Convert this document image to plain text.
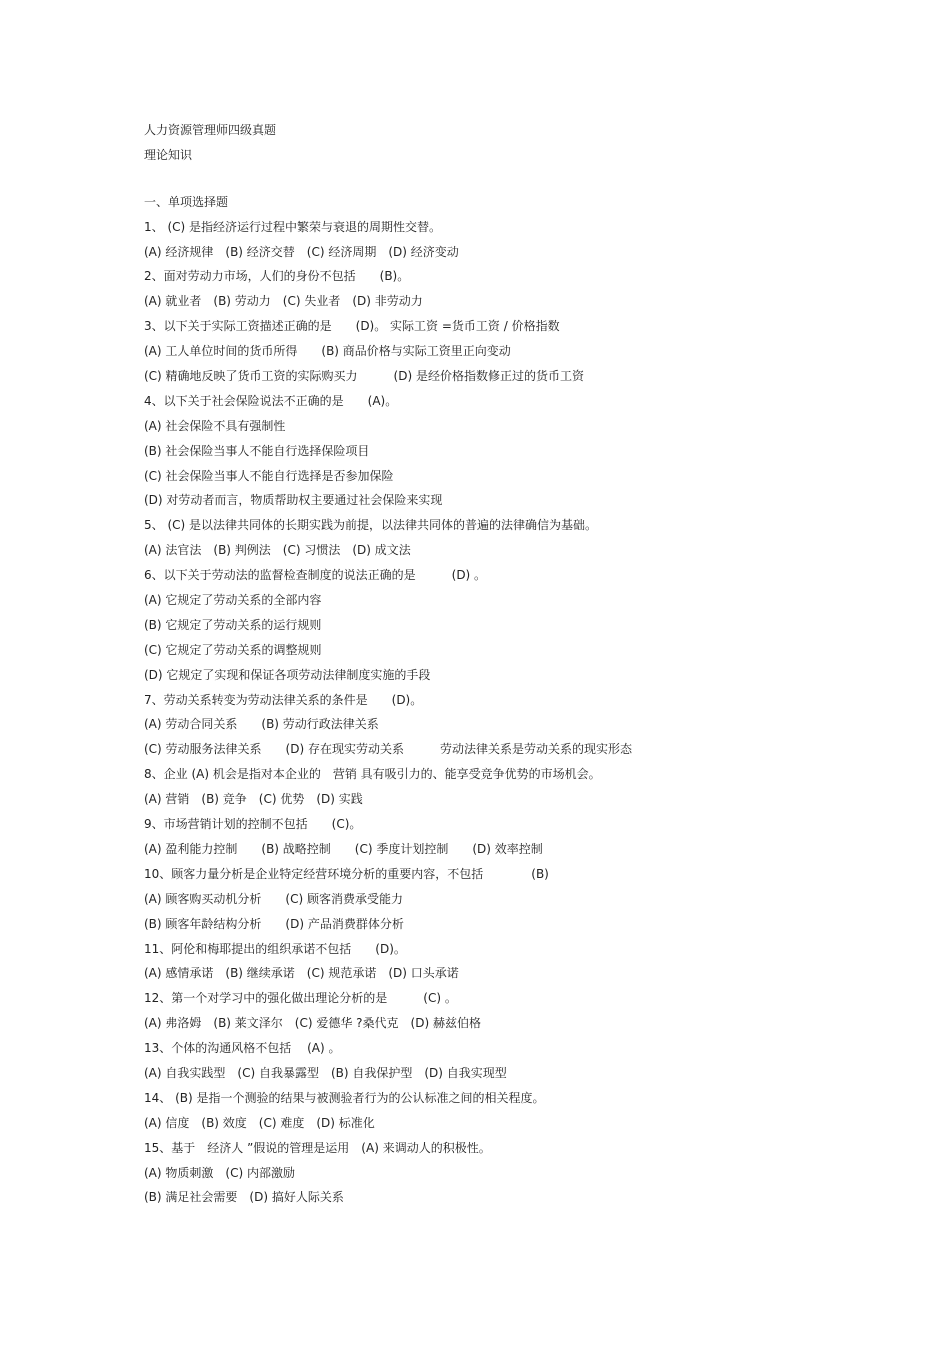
人力资源管理师四级真题
理论知识
一、单项选择题
1、 (C) 是指经济运行过程中繁荣与衰退的周期性交替。
(A) 经济规律　(B) 经济交替　(C) 经济周期　(D) 经济变动
2、面对劳动力市场，人们的身份不包括　　(B)。
(A) 就业者　(B) 劳动力　(C) 失业者　(D) 非劳动力
3、以下关于实际工资描述正确的是　　(D)。 实际工资 =货币工资 / 价格指数
(A) 工人单位时间的货币所得　　(B) 商品价格与实际工资里正向变动
(C) 精确地反映了货币工资的实际购买力　　　(D) 是经价格指数修正过的货币工资
4、以下关于社会保险说法不正确的是　　(A)。
(A) 社会保险不具有强制性
(B) 社会保险当事人不能自行选择保险项目
(C) 社会保险当事人不能自行选择是否参加保险
(D) 对劳动者而言，物质帮助权主要通过社会保险来实现
5、 (C) 是以法律共同体的长期实践为前提，以法律共同体的普遍的法律确信为基础。
(A) 法官法　(B) 判例法　(C) 习惯法　(D) 成文法
6、以下关于劳动法的监督检查制度的说法正确的是　　　(D) 。
(A) 它规定了劳动关系的全部内容
(B) 它规定了劳动关系的运行规则
(C) 它规定了劳动关系的调整规则
(D) 它规定了实现和保证各项劳动法律制度实施的手段
7、劳动关系转变为劳动法律关系的条件是　　(D)。
(A) 劳动合同关系　　(B) 劳动行政法律关系
(C) 劳动服务法律关系　　(D) 存在现实劳动关系　　　劳动法律关系是劳动关系的现实形态
8、企业 (A) 机会是指对本企业的　营销 具有吸引力的、能享受竞争优势的市场机会。
(A) 营销　(B) 竞争　(C) 优势　(D) 实践
9、市场营销计划的控制不包括　　(C)。
(A) 盈利能力控制　　(B) 战略控制　　(C) 季度计划控制　　(D) 效率控制
10、顾客力量分析是企业特定经营环境分析的重要内容，不包括　　　　(B)
(A) 顾客购买动机分析　　(C) 顾客消费承受能力
(B) 顾客年龄结构分析　　(D) 产品消费群体分析
11、阿伦和梅耶提出的组织承诺不包括　　(D)。
(A) 感情承诺　(B) 继续承诺　(C) 规范承诺　(D) 口头承诺
12、第一个对学习中的强化做出理论分析的是　　　(C) 。
(A) 弗洛姆　(B) 莱文泽尔　(C) 爱德华 ?桑代克　(D) 赫兹伯格
13、个体的沟通风格不包括　 (A) 。
(A) 自我实践型　(C) 自我暴露型　(B) 自我保护型　(D) 自我实现型
14、 (B) 是指一个测验的结果与被测验者行为的公认标准之间的相关程度。
(A) 信度　(B) 效度　(C) 难度　(D) 标准化
15、基于　经济人 ”假说的管理是运用　(A) 来调动人的积极性。
(A) 物质刺激　(C) 内部激励
(B) 满足社会需要　(D) 搞好人际关系
